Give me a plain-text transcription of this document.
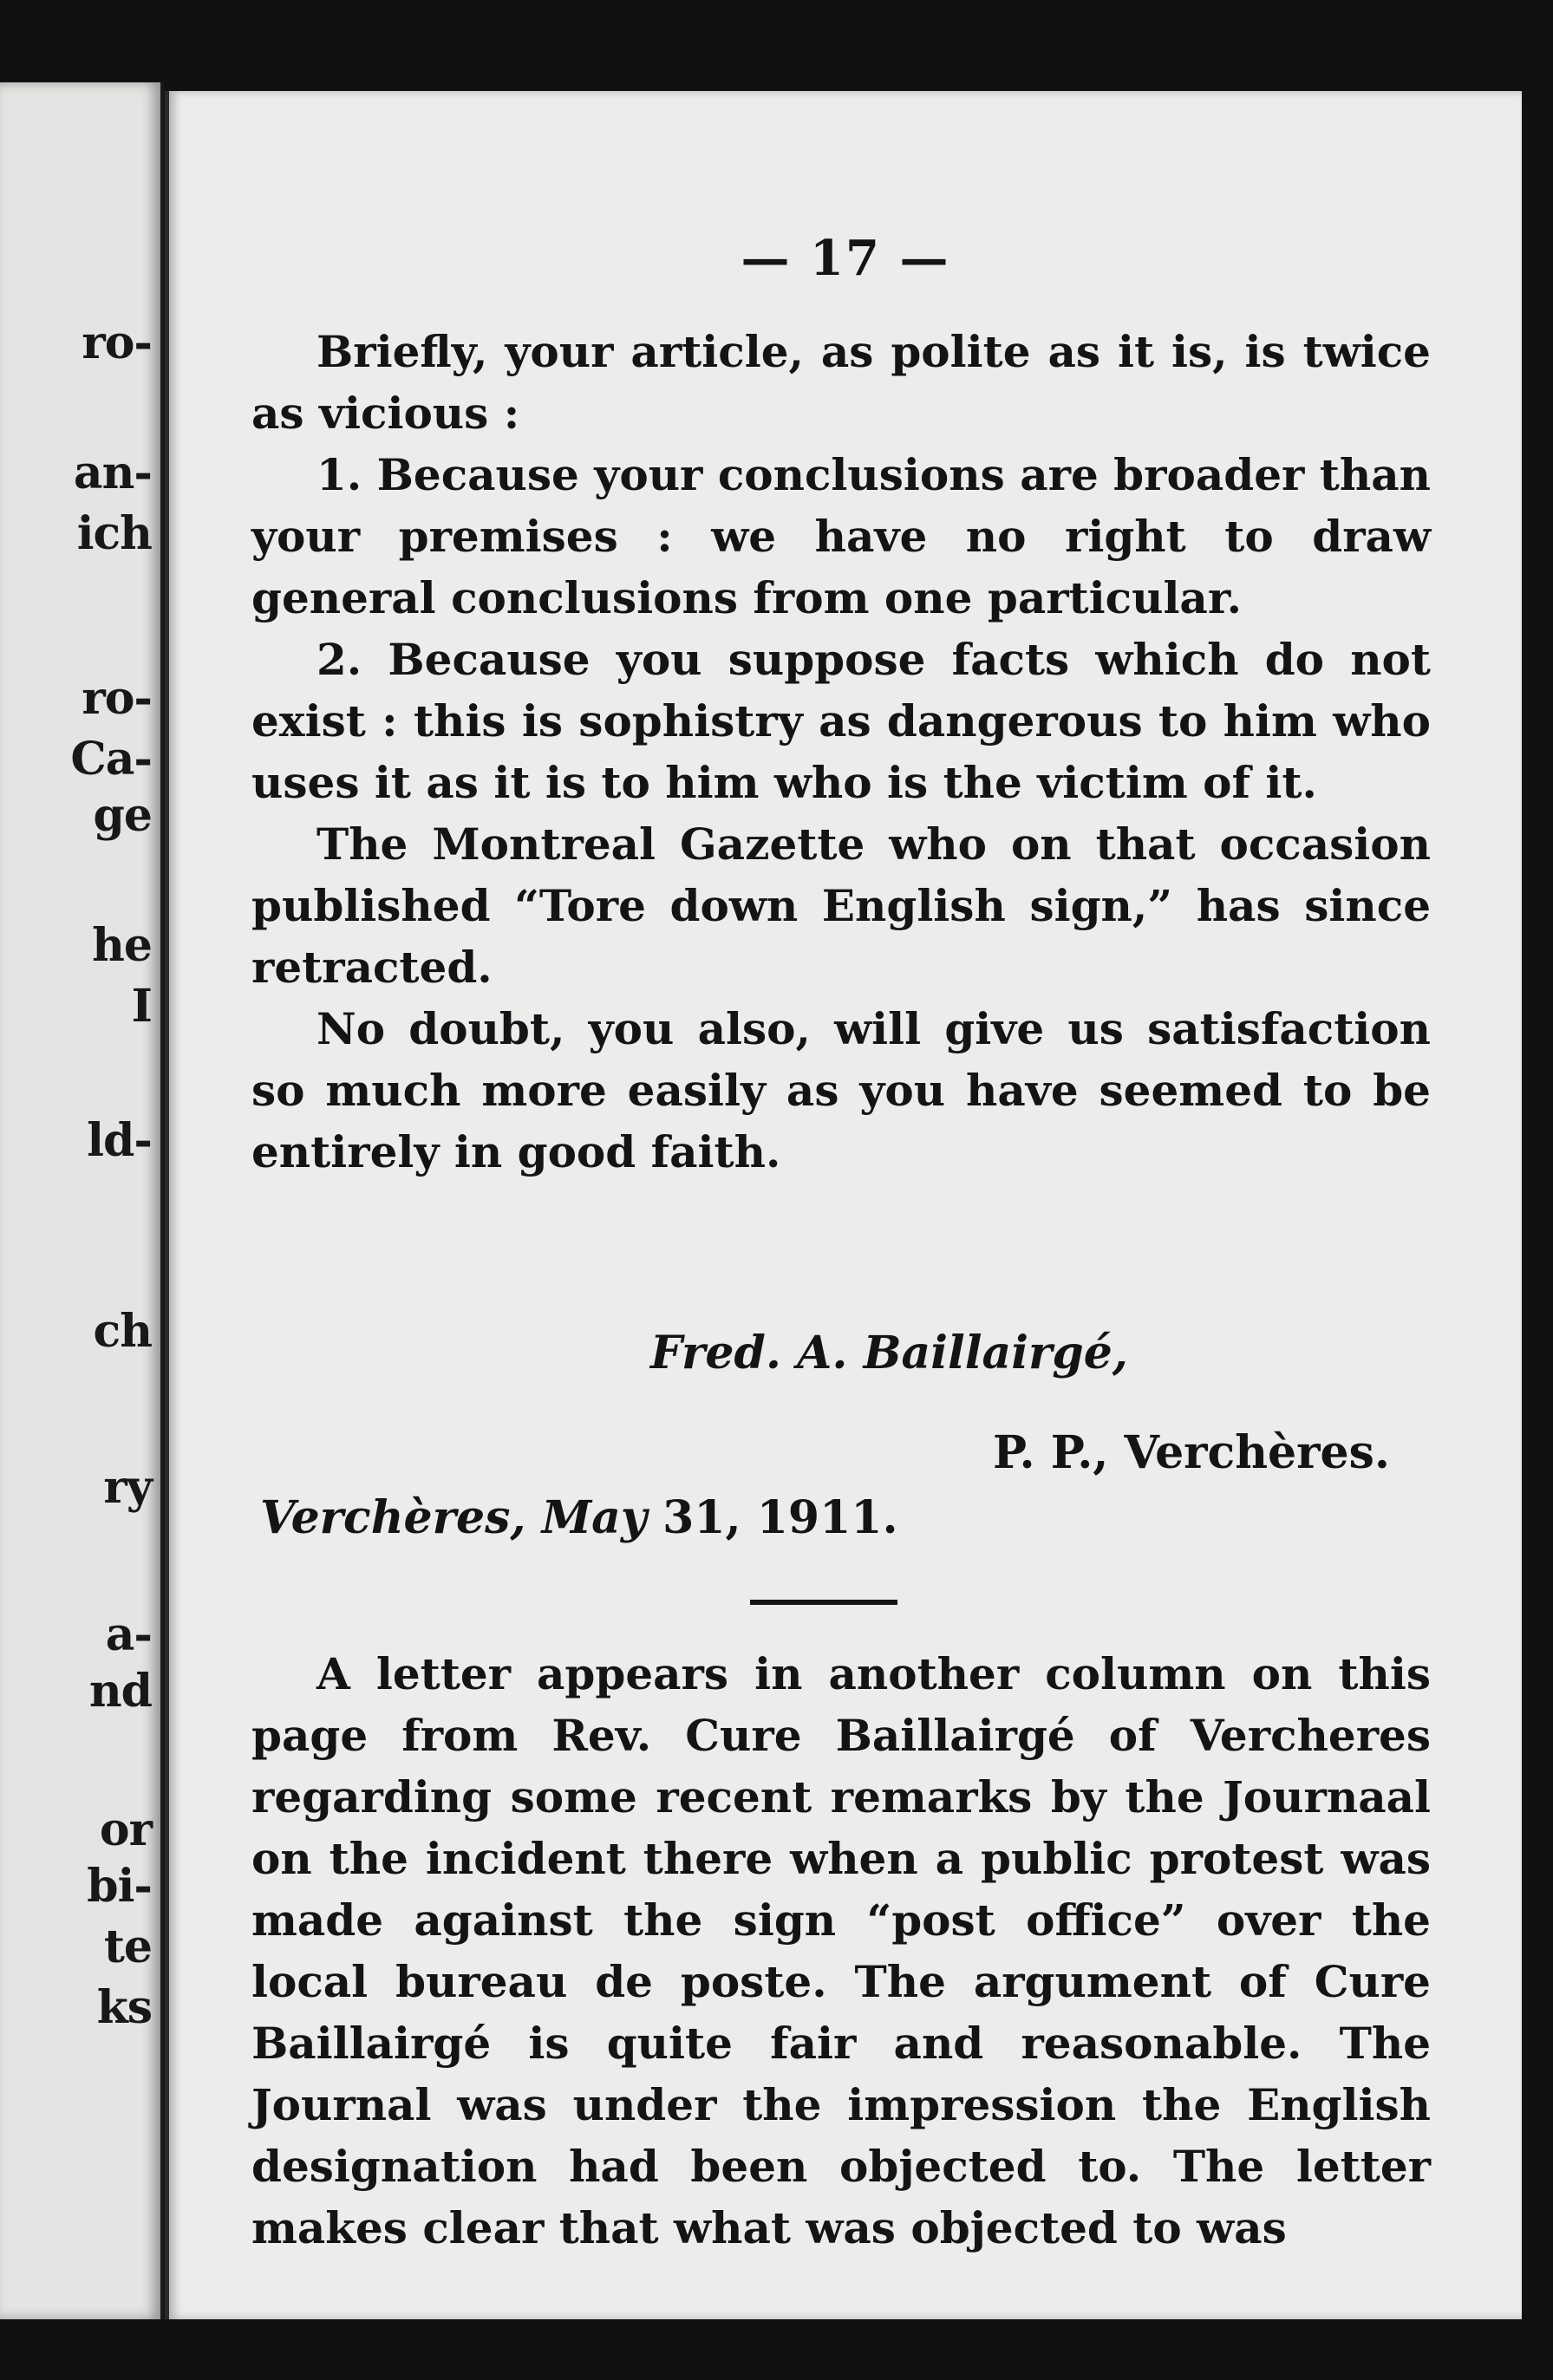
ro-
an-
ich
ro-
Ca-
ge
he
I
ld-
ch
ry
a-
nd
or
bi-
te
ks
— 17 —

Briefly, your article, as polite as it is, is twice as vicious :

1. Because your conclusions are broader than your premises : we have no right to draw general conclusions from one particular.

2. Because you suppose facts which do not exist : this is sophistry as dangerous to him who uses it as it is to him who is the victim of it.

The Montreal Gazette who on that occasion published “Tore down English sign,” has since retracted.

No doubt, you also, will give us satisfaction so much more easily as you have seemed to be entirely in good faith.

Fred. A. Baillairgé,
P. P., Verchères.
Verchères, May 31, 1911.

A letter appears in another column on this page from Rev. Cure Baillairgé of Vercheres regarding some recent remarks by the Journaal on the incident there when a public protest was made against the sign “post office” over the local bureau de poste. The argument of Cure Baillairgé is quite fair and reasonable. The Journal was under the impression the English designation had been objected to. The letter makes clear that what was objected to was
